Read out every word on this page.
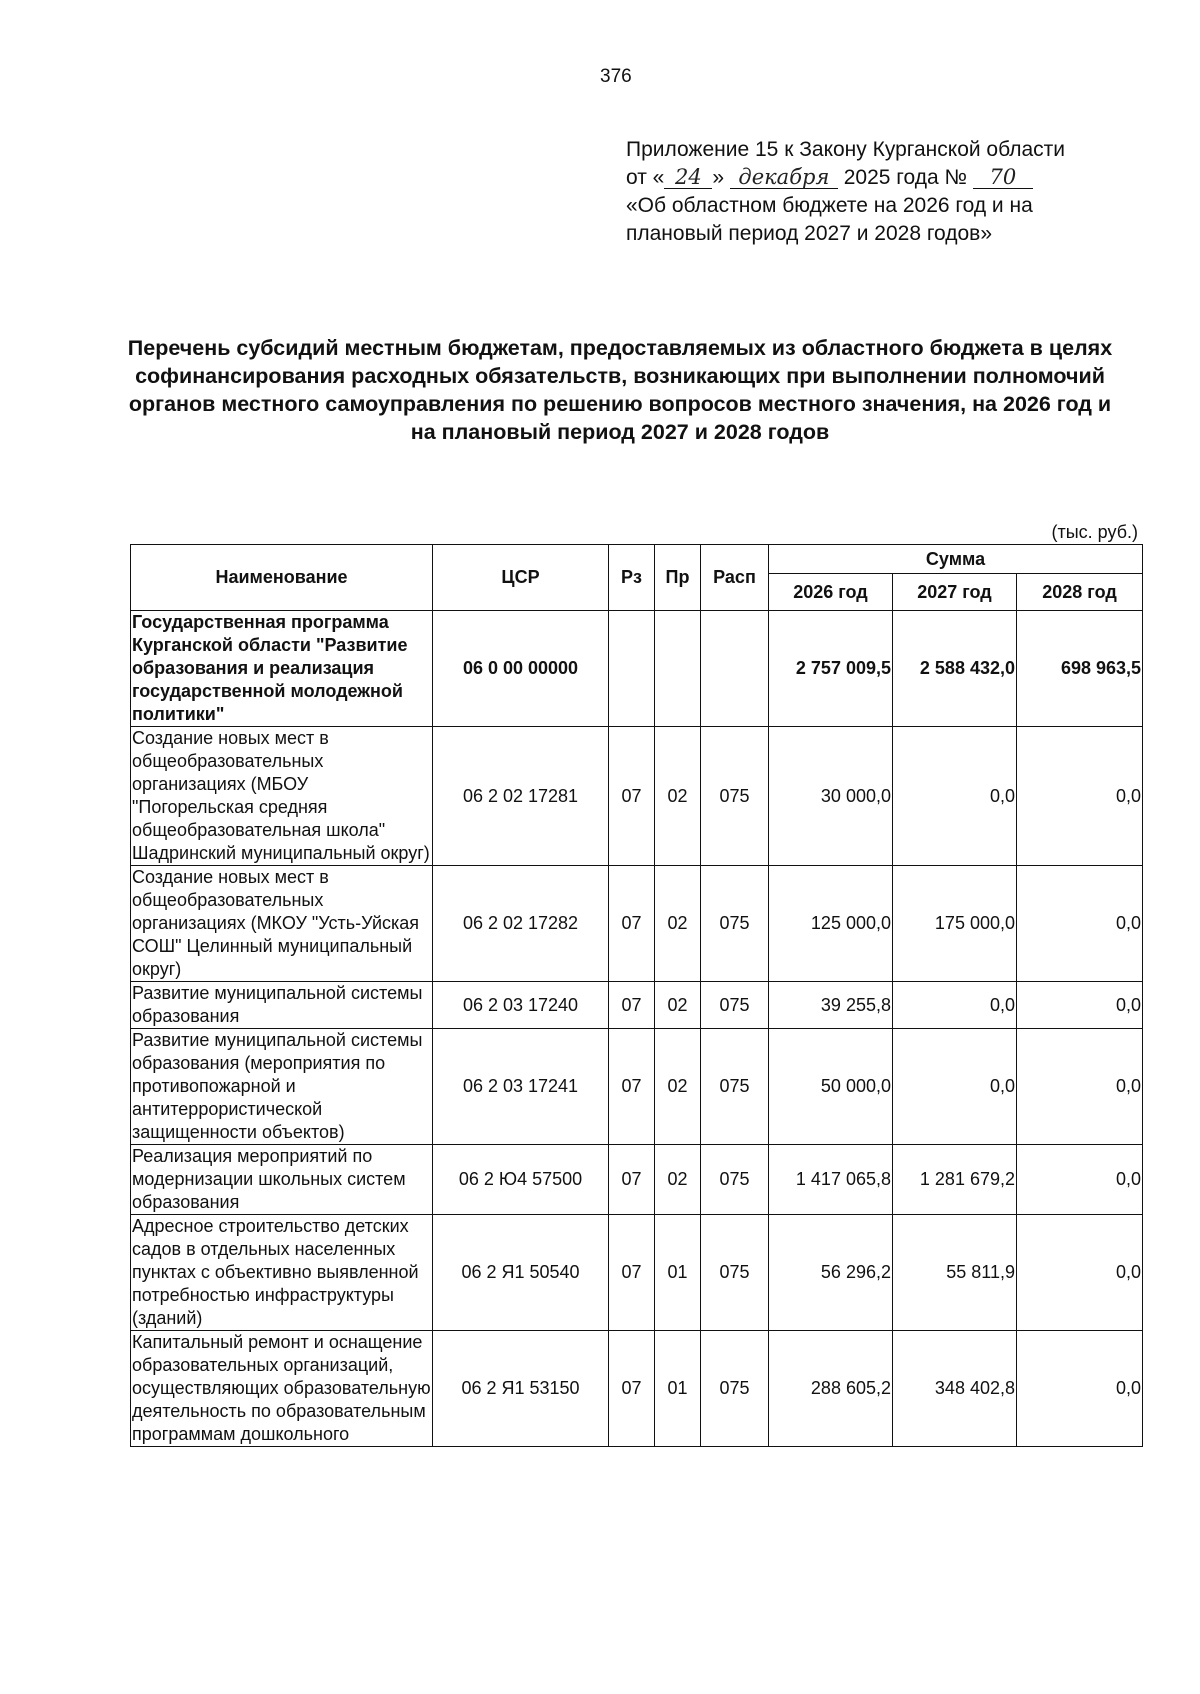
376
Приложение 15 к Закону Курганской области
от « 24 » декабря 2025 года № 70
«Об областном бюджете на 2026 год и на
плановый период 2027 и 2028 годов»
Перечень субсидий местным бюджетам, предоставляемых из областного бюджета в целях софинансирования расходных обязательств, возникающих при выполнении полномочий органов местного самоуправления по решению вопросов местного значения, на 2026 год и на плановый период 2027 и 2028 годов
(тыс. руб.)
Наименование	ЦСР	Рз	Пр	Расп	Сумма		
					2026 год	2027 год	2028 год
Государственная программа Курганской области "Развитие образования и реализация государственной молодежной политики"	06 0 00 00000				2 757 009,5	2 588 432,0	698 963,5
Создание новых мест в общеобразовательных организациях (МБОУ "Погорельская средняя общеобразовательная школа" Шадринский муниципальный округ)	06 2 02 17281	07	02	075	30 000,0	0,0	0,0
Создание новых мест в общеобразовательных организациях (МКОУ "Усть-Уйская СОШ" Целинный муниципальный округ)	06 2 02 17282	07	02	075	125 000,0	175 000,0	0,0
Развитие муниципальной системы образования	06 2 03 17240	07	02	075	39 255,8	0,0	0,0
Развитие муниципальной системы образования (мероприятия по противопожарной и антитеррористической защищенности объектов)	06 2 03 17241	07	02	075	50 000,0	0,0	0,0
Реализация мероприятий по модернизации школьных систем образования	06 2 Ю4 57500	07	02	075	1 417 065,8	1 281 679,2	0,0
Адресное строительство детских садов в отдельных населенных пунктах с объективно выявленной потребностью инфраструктуры (зданий)	06 2 Я1 50540	07	01	075	56 296,2	55 811,9	0,0
Капитальный ремонт и оснащение образовательных организаций, осуществляющих образовательную деятельность по образовательным программам дошкольного	06 2 Я1 53150	07	01	075	288 605,2	348 402,8	0,0
